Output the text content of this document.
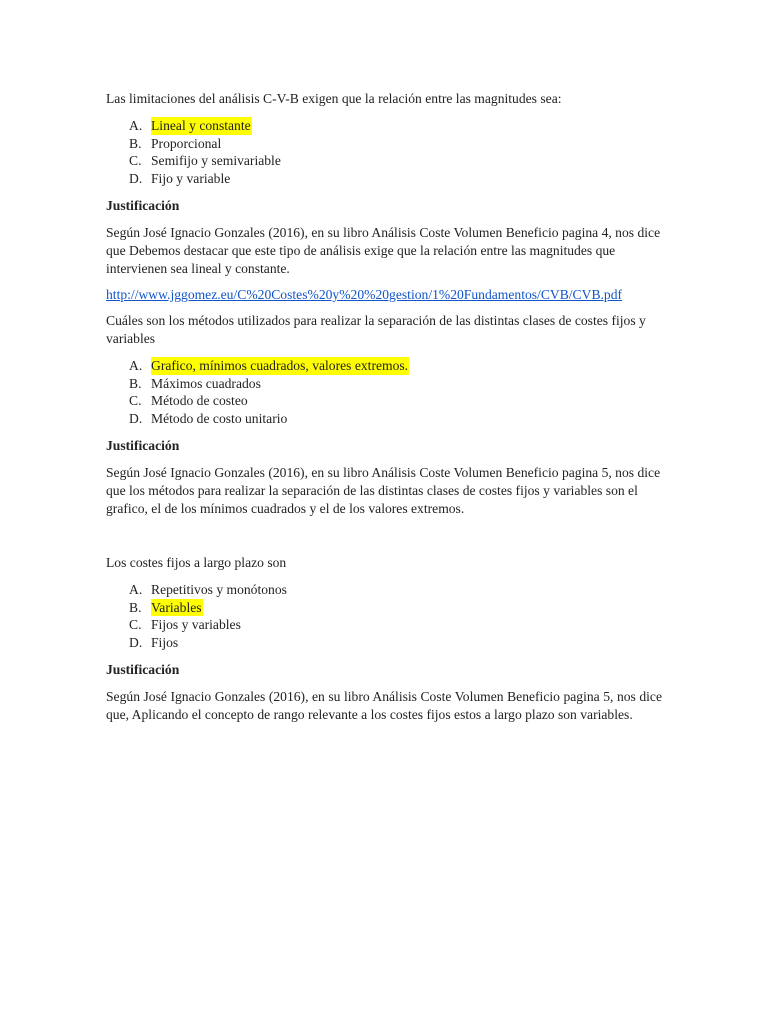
Las limitaciones del análisis C-V-B exigen que la relación entre las magnitudes sea:

A. Lineal y constante
B. Proporcional
C. Semifijo y semivariable
D. Fijo y variable

Justificación

Según José Ignacio Gonzales (2016), en su libro Análisis Coste Volumen Beneficio pagina 4, nos dice que Debemos destacar que este tipo de análisis exige que la relación entre las magnitudes que intervienen sea lineal y constante.

http://www.jggomez.eu/C%20Costes%20y%20%20gestion/1%20Fundamentos/CVB/CVB.pdf

Cuáles son los métodos utilizados para realizar la separación de las distintas clases de costes fijos y variables

A. Grafico, mínimos cuadrados, valores extremos.
B. Máximos cuadrados
C. Método de costeo
D. Método de costo unitario

Justificación

Según José Ignacio Gonzales (2016), en su libro Análisis Coste Volumen Beneficio pagina 5, nos dice que los métodos para realizar la separación de las distintas clases de costes fijos y variables son el grafico, el de los mínimos cuadrados y el de los valores extremos.

Los costes fijos a largo plazo son

A. Repetitivos y monótonos
B. Variables
C. Fijos y variables
D. Fijos

Justificación

Según José Ignacio Gonzales (2016), en su libro Análisis Coste Volumen Beneficio pagina 5, nos dice que, Aplicando el concepto de rango relevante a los costes fijos estos a largo plazo son variables.
